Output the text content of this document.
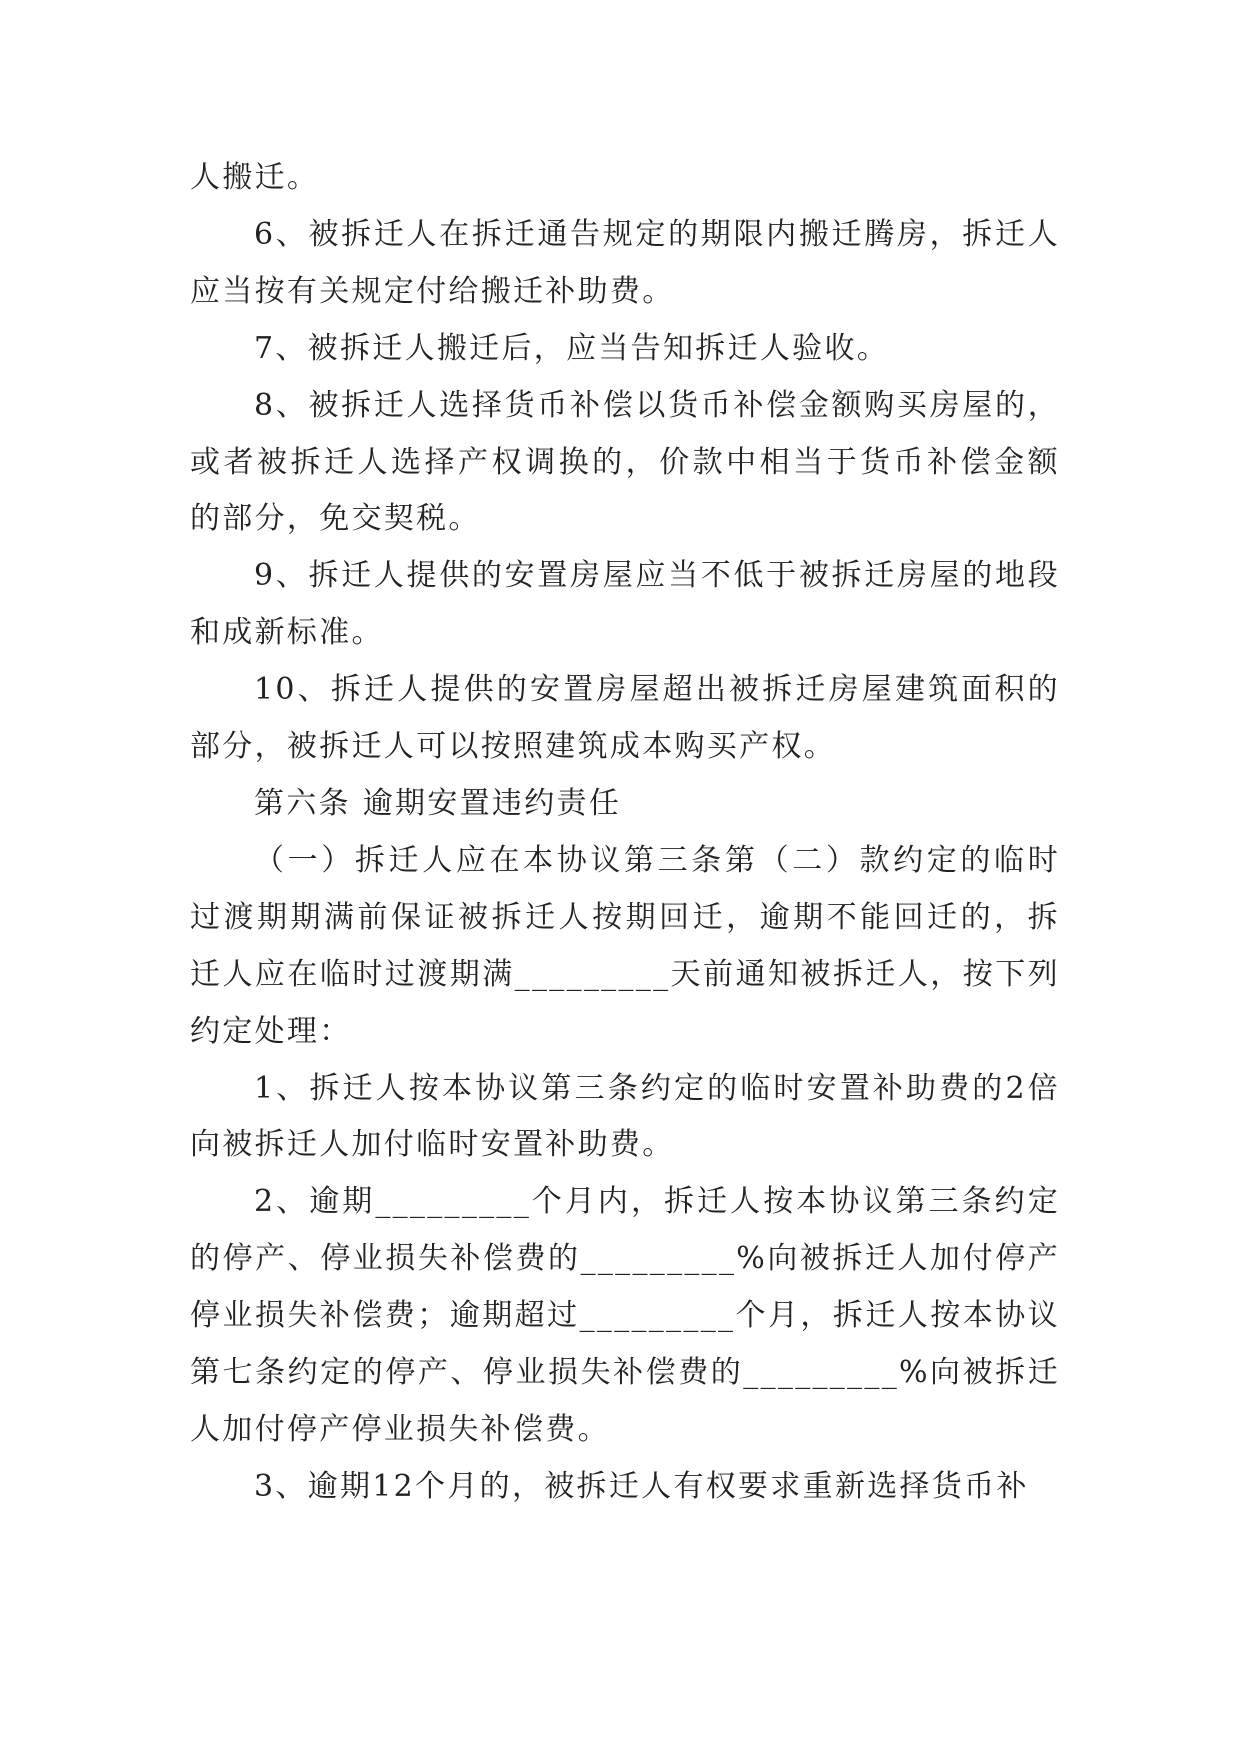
人搬迁。

6、被拆迁人在拆迁通告规定的期限内搬迁腾房，拆迁人应当按有关规定付给搬迁补助费。

7、被拆迁人搬迁后，应当告知拆迁人验收。

8、被拆迁人选择货币补偿以货币补偿金额购买房屋的，或者被拆迁人选择产权调换的，价款中相当于货币补偿金额的部分，免交契税。

9、拆迁人提供的安置房屋应当不低于被拆迁房屋的地段和成新标准。

10、拆迁人提供的安置房屋超出被拆迁房屋建筑面积的部分，被拆迁人可以按照建筑成本购买产权。

第六条 逾期安置违约责任

（一）拆迁人应在本协议第三条第（二）款约定的临时过渡期期满前保证被拆迁人按期回迁，逾期不能回迁的，拆迁人应在临时过渡期满_________天前通知被拆迁人，按下列约定处理：

1、拆迁人按本协议第三条约定的临时安置补助费的2倍向被拆迁人加付临时安置补助费。

2、逾期_________个月内，拆迁人按本协议第三条约定的停产、停业损失补偿费的_________%向被拆迁人加付停产停业损失补偿费；逾期超过_________个月，拆迁人按本协议第七条约定的停产、停业损失补偿费的_________%向被拆迁人加付停产停业损失补偿费。

3、逾期12个月的，被拆迁人有权要求重新选择货币补
